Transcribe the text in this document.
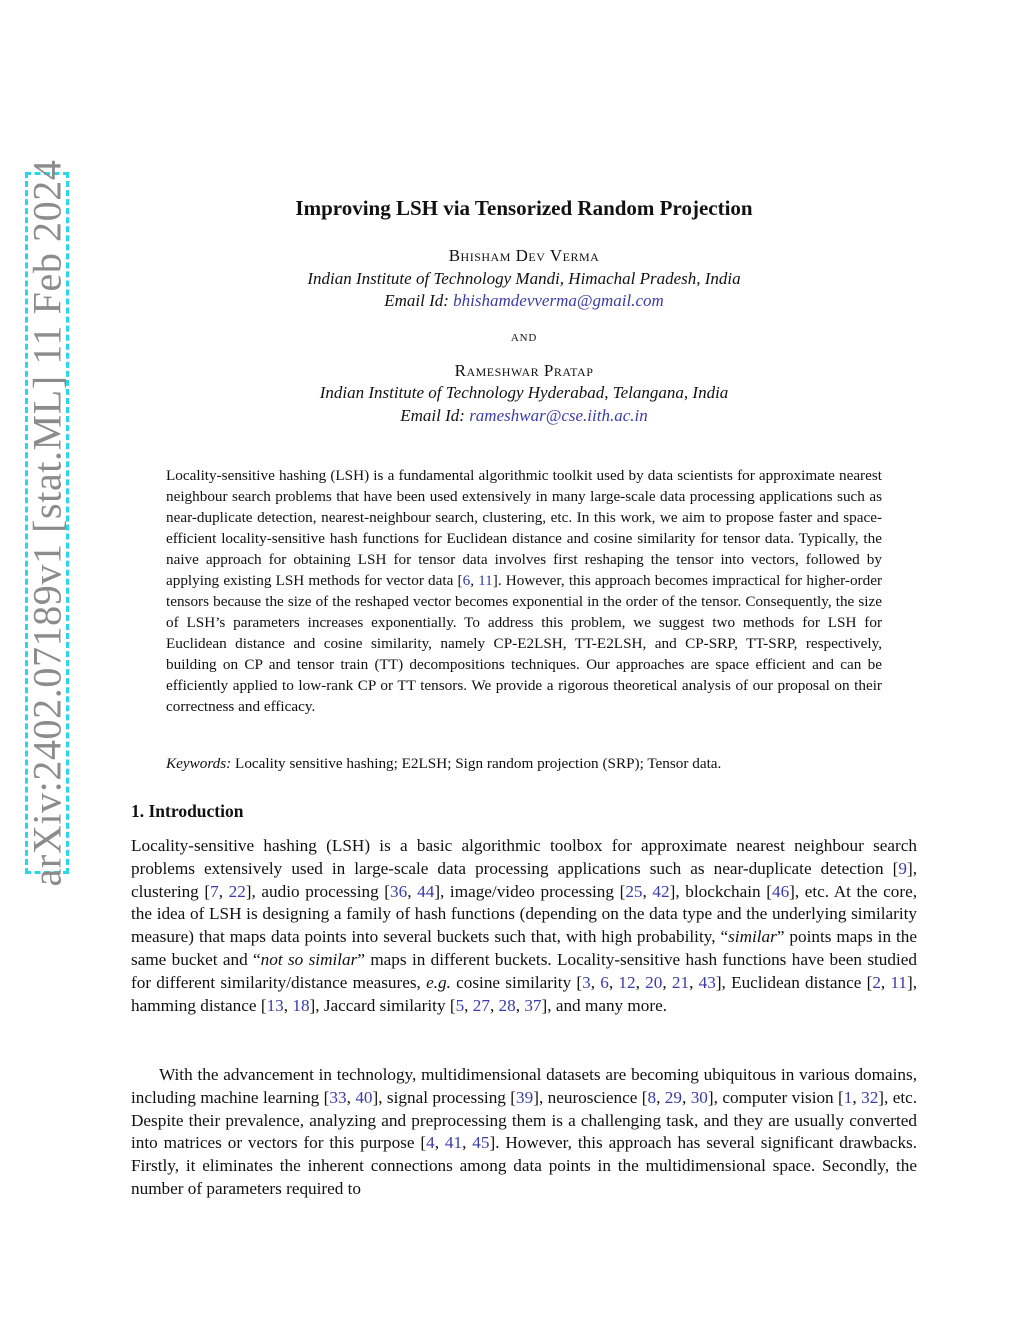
arXiv:2402.07189v1 [stat.ML] 11 Feb 2024	Improving LSH via Tensorized Random Projection
Bhisham Dev Verma
Indian Institute of Technology Mandi, Himachal Pradesh, India
Email Id: bhishamdevverma@gmail.com
and
Rameshwar Pratap
Indian Institute of Technology Hyderabad, Telangana, India
Email Id: rameshwar@cse.iith.ac.in

Locality-sensitive hashing (LSH) is a fundamental algorithmic toolkit used by data scientists for approximate nearest neighbour search problems that have been used extensively in many large-scale data processing applications such as near-duplicate detection, nearest-neighbour search, clustering, etc. In this work, we aim to propose faster and space-efficient locality-sensitive hash functions for Euclidean distance and cosine similarity for tensor data. Typically, the naive approach for obtaining LSH for tensor data involves first reshaping the tensor into vectors, followed by applying existing LSH methods for vector data [6, 11]. However, this approach becomes impractical for higher-order tensors because the size of the reshaped vector becomes exponential in the order of the tensor. Consequently, the size of LSH’s parameters increases exponentially. To address this problem, we suggest two methods for LSH for Euclidean distance and cosine similarity, namely CP-E2LSH, TT-E2LSH, and CP-SRP, TT-SRP, respectively, building on CP and tensor train (TT) decompositions techniques. Our approaches are space efficient and can be efficiently applied to low-rank CP or TT tensors. We provide a rigorous theoretical analysis of our proposal on their correctness and efficacy.

Keywords: Locality sensitive hashing; E2LSH; Sign random projection (SRP); Tensor data.

1. Introduction

Locality-sensitive hashing (LSH) is a basic algorithmic toolbox for approximate nearest neighbour search problems extensively used in large-scale data processing applications such as near-duplicate detection [9], clustering [7, 22], audio processing [36, 44], image/video processing [25, 42], blockchain [46], etc. At the core, the idea of LSH is designing a family of hash functions (depending on the data type and the underlying similarity measure) that maps data points into several buckets such that, with high probability, “similar” points maps in the same bucket and “not so similar” maps in different buckets. Locality-sensitive hash functions have been studied for different similarity/distance measures, e.g. cosine similarity [3, 6, 12, 20, 21, 43], Euclidean distance [2, 11], hamming distance [13, 18], Jaccard similarity [5, 27, 28, 37], and many more.

With the advancement in technology, multidimensional datasets are becoming ubiquitous in various domains, including machine learning [33, 40], signal processing [39], neuroscience [8, 29, 30], computer vision [1, 32], etc. Despite their prevalence, analyzing and preprocessing them is a challenging task, and they are usually converted into matrices or vectors for this purpose [4, 41, 45]. However, this approach has several significant drawbacks. Firstly, it eliminates the inherent connections among data points in the multidimensional space. Secondly, the number of parameters required to
